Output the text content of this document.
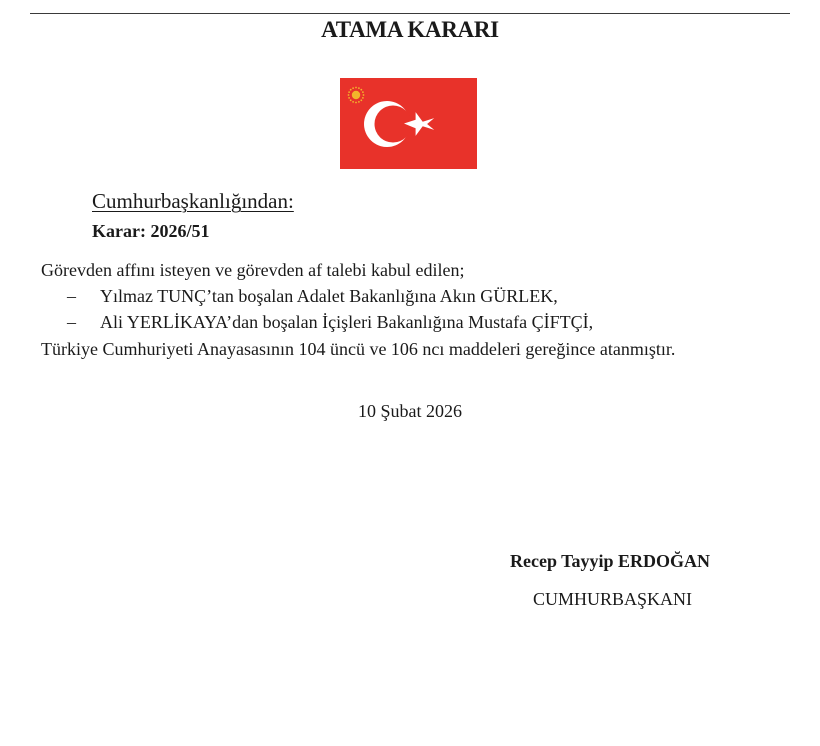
ATAMA KARARI
Cumhurbaşkanlığından:
Karar: 2026/51
Görevden affını isteyen ve görevden af talebi kabul edilen;
– Yılmaz TUNÇ’tan boşalan Adalet Bakanlığına Akın GÜRLEK,
– Ali YERLİKAYA’dan boşalan İçişleri Bakanlığına Mustafa ÇİFTÇİ,
Türkiye Cumhuriyeti Anayasasının 104 üncü ve 106 ncı maddeleri gereğince atanmıştır.
10 Şubat 2026
Recep Tayyip ERDOĞAN
CUMHURBAŞKANI
